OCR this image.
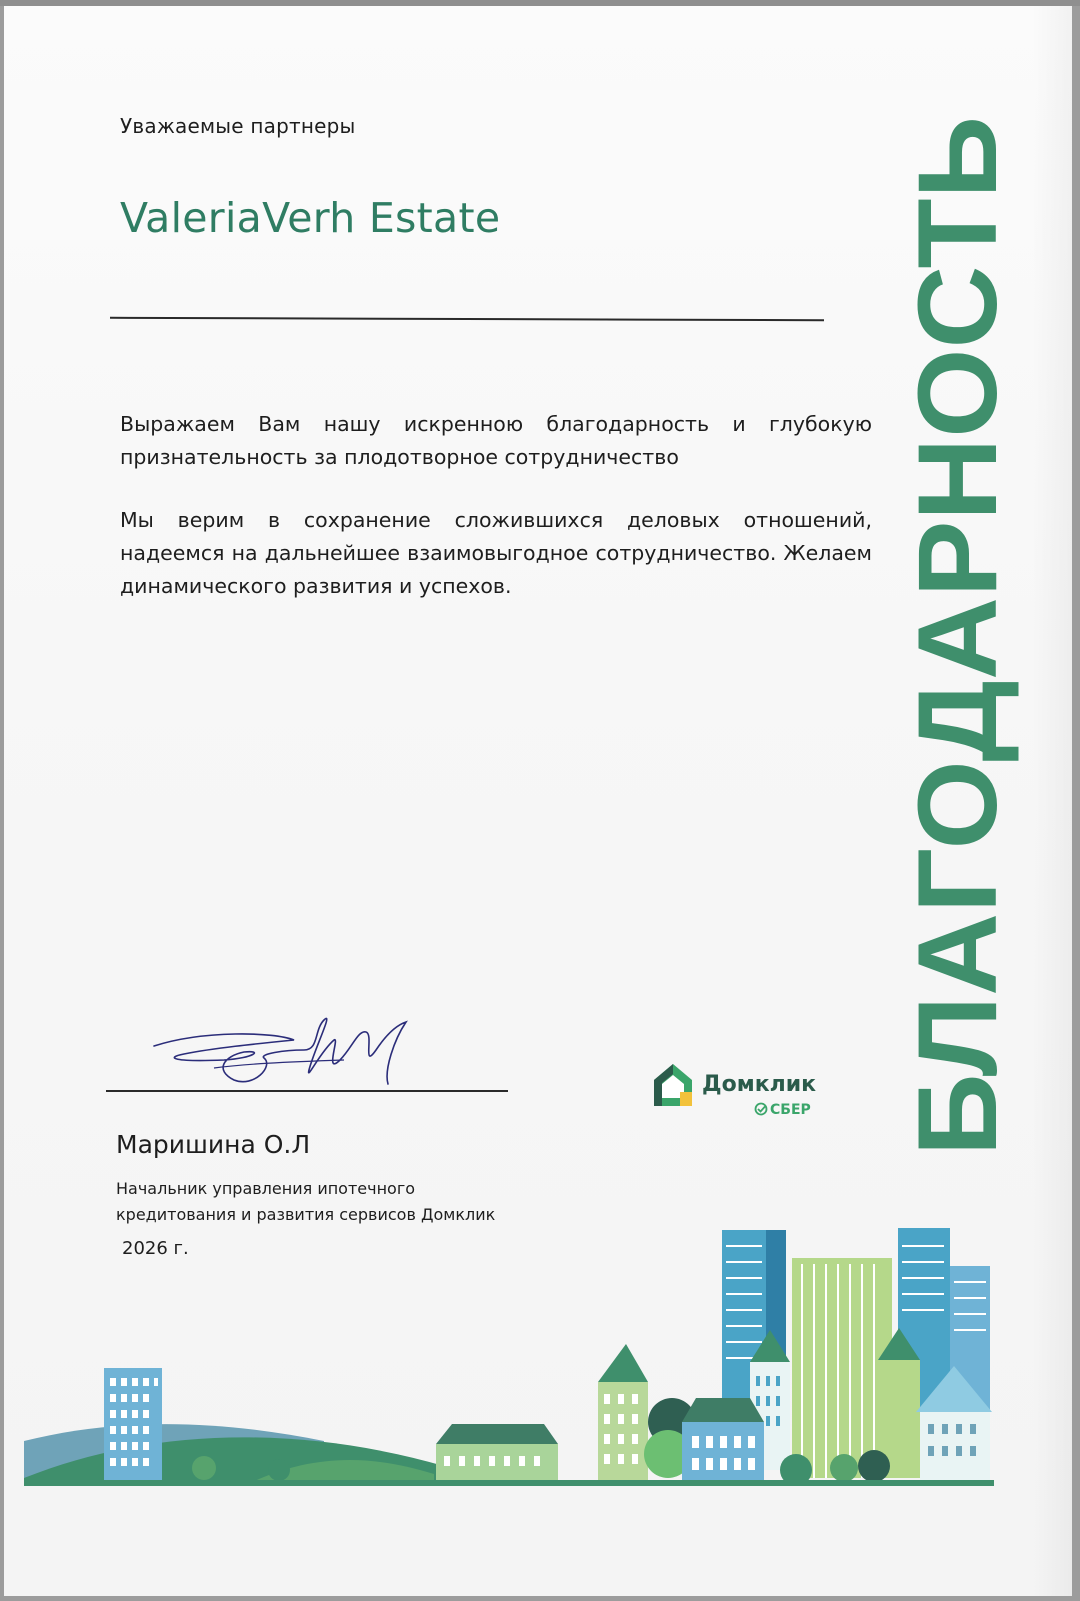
Уважаемые партнеры
ValeriaVerh Estate
Выражаем Вам нашу искренною благодарность и глубокую признательность за плодотворное сотрудничество
Мы верим в сохранение сложившихся деловых отношений, надеемся на дальнейшее взаимовыгодное сотрудничество. Желаем динамического развития и успехов.	БЛАГОДАРНОСТЬ
Маришина О.Л
Начальник управления ипотечного кредитования и развития сервисов Домклик
2026 г.
Домклик
СБЕР
